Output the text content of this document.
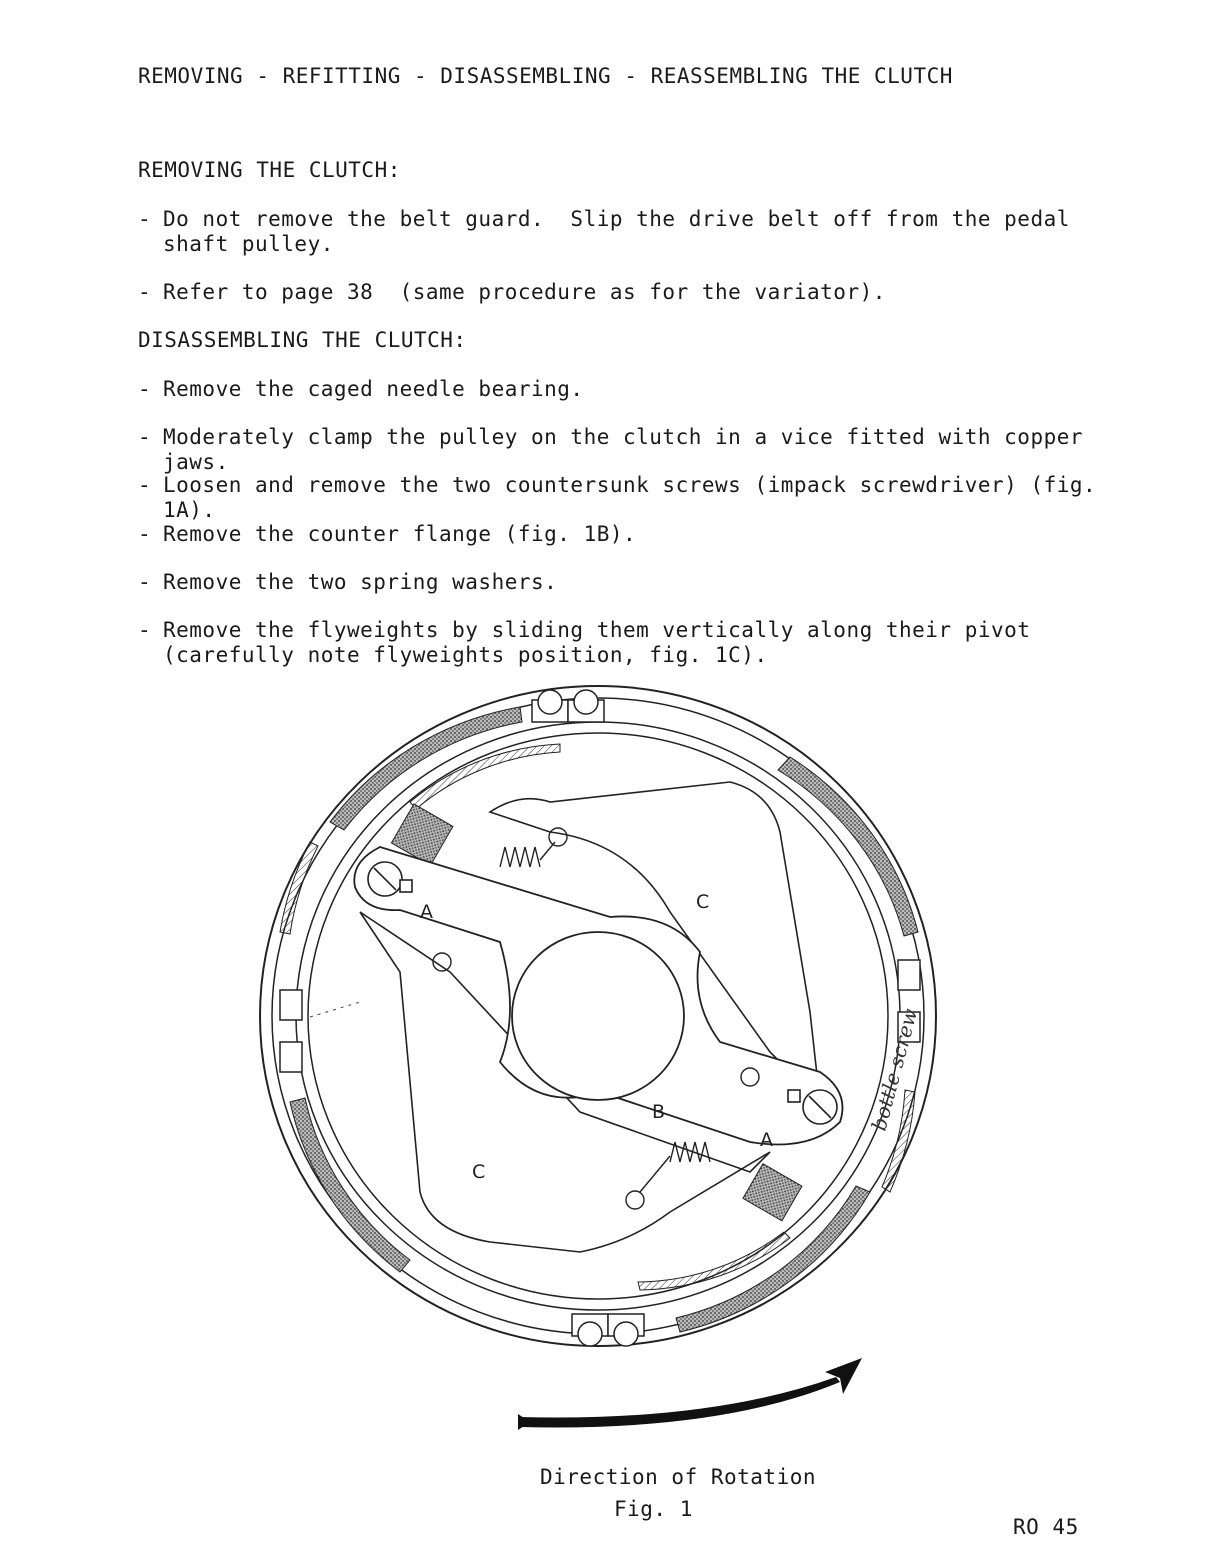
REMOVING - REFITTING - DISASSEMBLING - REASSEMBLING THE CLUTCH
REMOVING THE CLUTCH:
- Do not remove the belt guard.  Slip the drive belt off from the pedal shaft pulley.
- Refer to page 38  (same procedure as for the variator).
DISASSEMBLING THE CLUTCH:
- Remove the caged needle bearing.
- Moderately clamp the pulley on the clutch in a vice fitted with copper jaws.
- Loosen and remove the two countersunk screws (impack screwdriver) (fig. 1A).
- Remove the counter flange (fig. 1B).
- Remove the two spring washers.
- Remove the flyweights by sliding them vertically along their pivot (carefully note flyweights position, fig. 1C).
bottle screw
A	C
B
C
A
Direction of Rotation
Fig. 1
RO 45
